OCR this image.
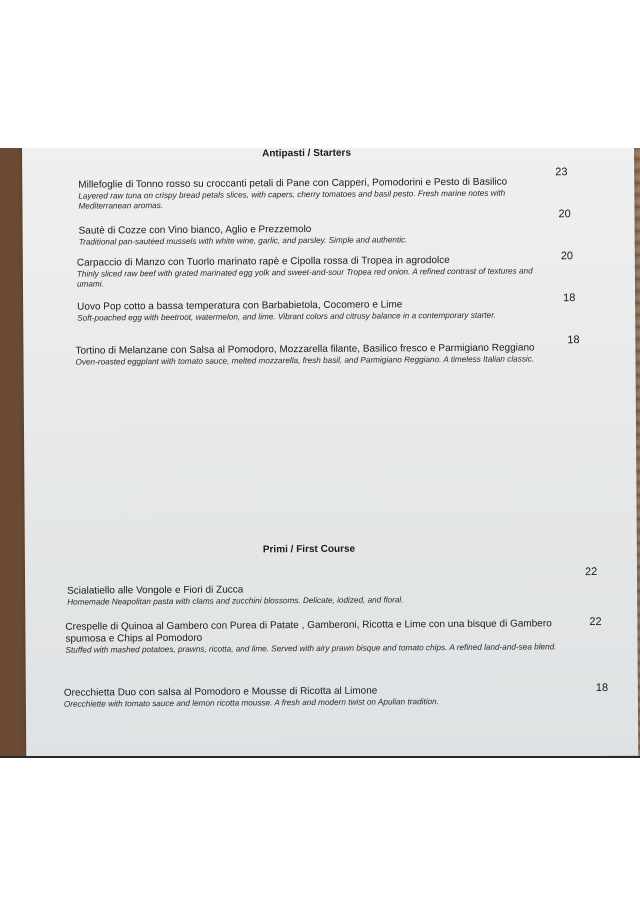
Antipasti / Starters
Millefoglie di Tonno rosso su croccanti petali di Pane con Capperi, Pomodorini e Pesto di Basilico
Layered raw tuna on crispy bread petals slices, with capers, cherry tomatoes and basil pesto. Fresh marine notes with Mediterranean aromas.
23
Sautè di Cozze con Vino bianco, Aglio e Prezzemolo
Traditional pan-sautéed mussels with white wine, garlic, and parsley. Simple and authentic.
20
Carpaccio di Manzo con Tuorlo marinato rapè e Cipolla rossa di Tropea in agrodolce
Thinly sliced raw beef with grated marinated egg yolk and sweet-and-sour Tropea red onion. A refined contrast of textures and umami.
20
Uovo Pop cotto a bassa temperatura con Barbabietola, Cocomero e Lime
Soft-poached egg with beetroot, watermelon, and lime. Vibrant colors and citrusy balance in a contemporary starter.
18
Tortino di Melanzane con Salsa al Pomodoro, Mozzarella filante, Basilico fresco e Parmigiano Reggiano
Oven-roasted eggplant with tomato sauce, melted mozzarella, fresh basil, and Parmigiano Reggiano. A timeless Italian classic.
18
Primi / First Course
Scialatiello alle Vongole e Fiori di Zucca
Homemade Neapolitan pasta with clams and zucchini blossoms. Delicate, iodized, and floral.
22
Crespelle di Quinoa al Gambero con Purea di Patate , Gamberoni, Ricotta e Lime con una bisque di Gambero spumosa e Chips al Pomodoro
Stuffed with mashed potatoes, prawns, ricotta, and lime. Served with airy prawn bisque and tomato chips. A refined land-and-sea blend.
22
Orecchietta Duo con salsa al Pomodoro e Mousse di Ricotta al Limone
Orecchiette with tomato sauce and lemon ricotta mousse. A fresh and modern twist on Apulian tradition.
18
